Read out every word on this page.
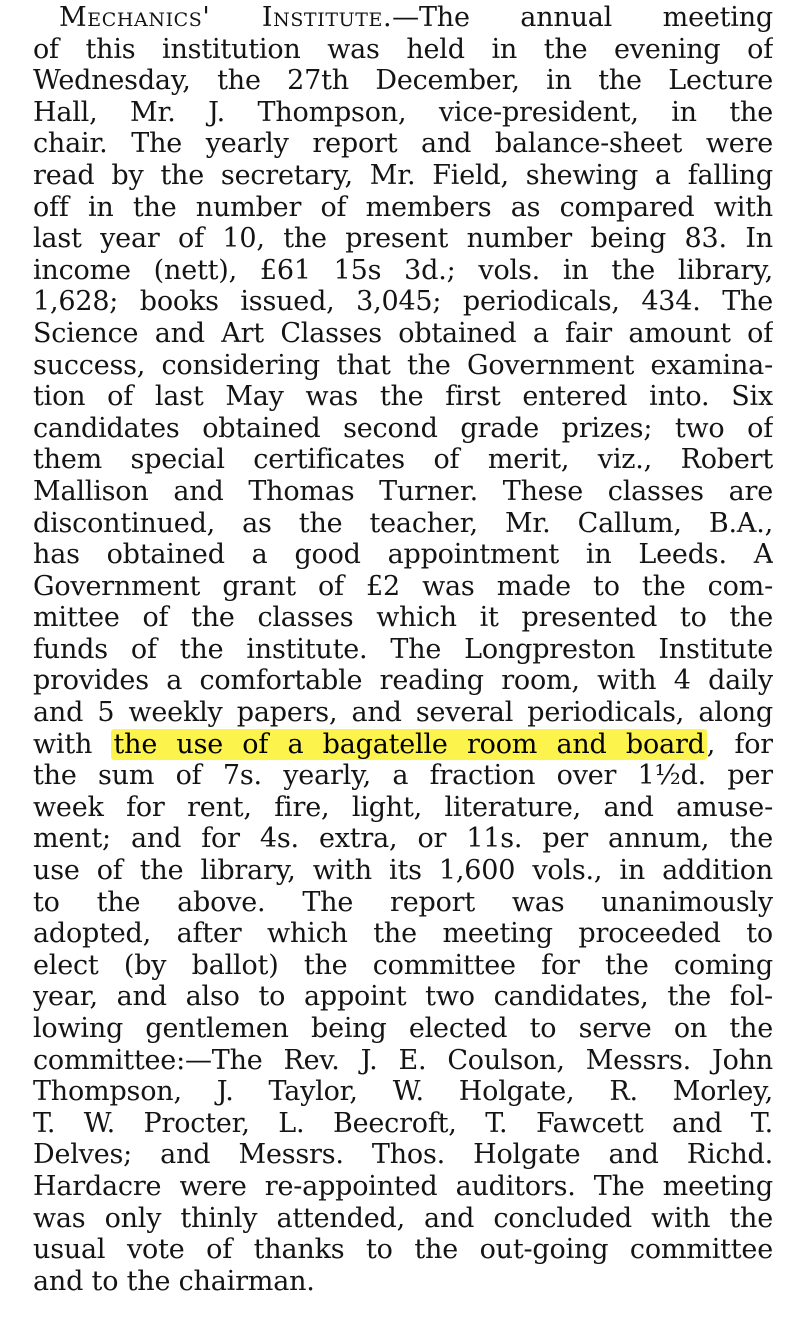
Mechanics' Institute.—The annual meeting
of this institution was held in the evening of
Wednesday, the 27th December, in the Lecture
Hall, Mr. J. Thompson, vice-president, in the
chair. The yearly report and balance-sheet were
read by the secretary, Mr. Field, shewing a falling
off in the number of members as compared with
last year of 10, the present number being 83. In
income (nett), £61 15s 3d.; vols. in the library,
1,628; books issued, 3,045; periodicals, 434. The
Science and Art Classes obtained a fair amount of
success, considering that the Government examina-
tion of last May was the first entered into. Six
candidates obtained second grade prizes; two of
them special certificates of merit, viz., Robert
Mallison and Thomas Turner. These classes are
discontinued, as the teacher, Mr. Callum, B.A.,
has obtained a good appointment in Leeds. A
Government grant of £2 was made to the com-
mittee of the classes which it presented to the
funds of the institute. The Longpreston Institute
provides a comfortable reading room, with 4 daily
and 5 weekly papers, and several periodicals, along
with the use of a bagatelle room and board, for
the sum of 7s. yearly, a fraction over 1½d. per
week for rent, fire, light, literature, and amuse-
ment; and for 4s. extra, or 11s. per annum, the
use of the library, with its 1,600 vols., in addition
to the above. The report was unanimously
adopted, after which the meeting proceeded to
elect (by ballot) the committee for the coming
year, and also to appoint two candidates, the fol-
lowing gentlemen being elected to serve on the
committee:—The Rev. J. E. Coulson, Messrs. John
Thompson, J. Taylor, W. Holgate, R. Morley,
T. W. Procter, L. Beecroft, T. Fawcett and T.
Delves; and Messrs. Thos. Holgate and Richd.
Hardacre were re-appointed auditors. The meeting
was only thinly attended, and concluded with the
usual vote of thanks to the out-going committee
and to the chairman.
